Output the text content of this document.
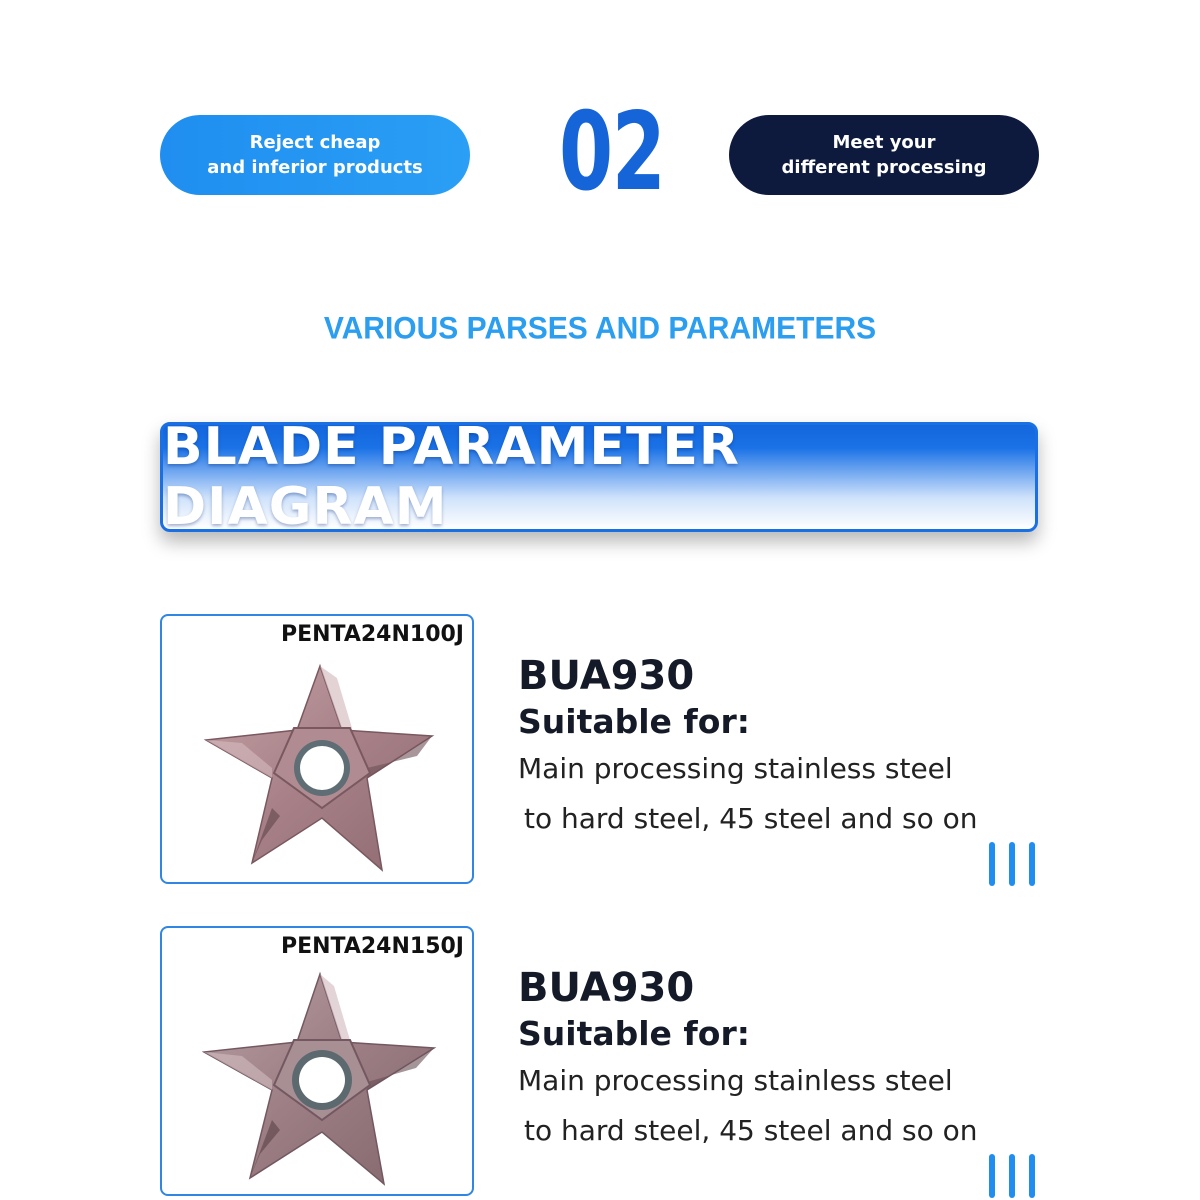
Reject cheap
and inferior products 02	Meet your
different processing
VARIOUS PARSES AND PARAMETERS
BLADE PARAMETER DIAGRAM
PENTA24N100J
BUA930
Suitable for:
Main processing stainless steel
to hard steel, 45 steel and so on
PENTA24N150J
BUA930
Suitable for:
Main processing stainless steel
to hard steel, 45 steel and so on
